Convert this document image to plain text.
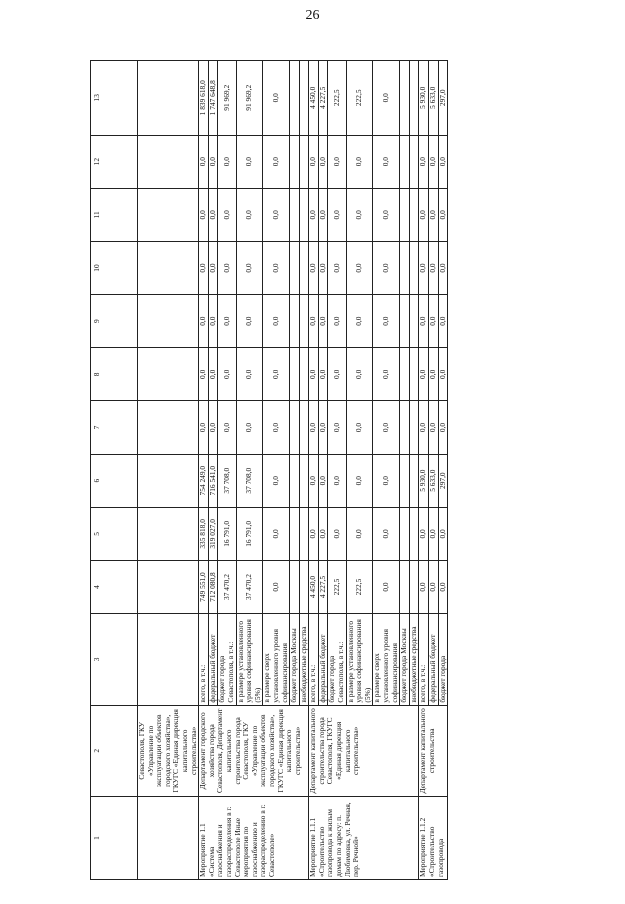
26
1	2	3	4	5	6	7	8	9	10	11	12	13
	Севастополя, ГКУ «Управление по эксплуатации объектов городского хозяйства», ГКУГС «Единая дирекция капитального строительства»											
Мероприятие 1.1 «Система газоснабжения и газораспределения в г. Севастополе Иные мероприятия по газоснабжению и газораспределению в г. Севастополе»	Департамент городского хозяйства города Севастополя, Департамент капитального строительства города Севастополя, ГКУ «Управление по эксплуатации объектов городского хозяйства», ГКУГС «Единая дирекция капитального строительства»	всего, в т.ч.:	749 551,0	335 818,0	754 249,0	0,0	0,0	0,0	0,0	0,0	0,0	1 839 618,0
		федеральный бюджет	712 080,8	319 027,0	716 541,0	0,0	0,0	0,0	0,0	0,0	0,0	1 747 648,8
		бюджет города Севастополя, в т.ч.:	37 470,2	16 791,0	37 708,0	0,0	0,0	0,0	0,0	0,0	0,0	91 969,2
		в размере установленного уровня софинансирования (5%)	37 470,2	16 791,0	37 708,0	0,0	0,0	0,0	0,0	0,0	0,0	91 969,2
		в размере сверх установленного уровня софинансирования	0,0	0,0	0,0	0,0	0,0	0,0	0,0	0,0	0,0	0,0
		бюджет города Москвы										
		внебюджетные средства										
Мероприятие 1.1.1 «Строительство газопровода к жилым домам по адресу: п. Любимовка, ул. Речная, пер. Речной»	Департамент капитального строительства города Севастополя, ГКУГС «Единая дирекция капитального строительства»	всего, в т.ч.:	4 450,0	0,0	0,0	0,0	0,0	0,0	0,0	0,0	0,0	4 450,0
		федеральный бюджет	4 227,5	0,0	0,0	0,0	0,0	0,0	0,0	0,0	0,0	4 227,5
		бюджет города Севастополя, в т.ч.:	222,5	0,0	0,0	0,0	0,0	0,0	0,0	0,0	0,0	222,5
		в размере установленного уровня софинансирования (5%)	222,5	0,0	0,0	0,0	0,0	0,0	0,0	0,0	0,0	222,5
		в размере сверх установленного уровня софинансирования	0,0	0,0	0,0	0,0	0,0	0,0	0,0	0,0	0,0	0,0
		бюджет города Москвы										
		внебюджетные средства										
Мероприятие 1.1.2 «Строительство газопровода	Департамент капитального строительства	всего, в т.ч.:	0,0	0,0	5 930,0	0,0	0,0	0,0	0,0	0,0	0,0	5 930,0
		федеральный бюджет	0,0	0,0	5 633,0	0,0	0,0	0,0	0,0	0,0	0,0	5 633,0
		бюджет города	0,0	0,0	297,0	0,0	0,0	0,0	0,0	0,0	0,0	297,0
